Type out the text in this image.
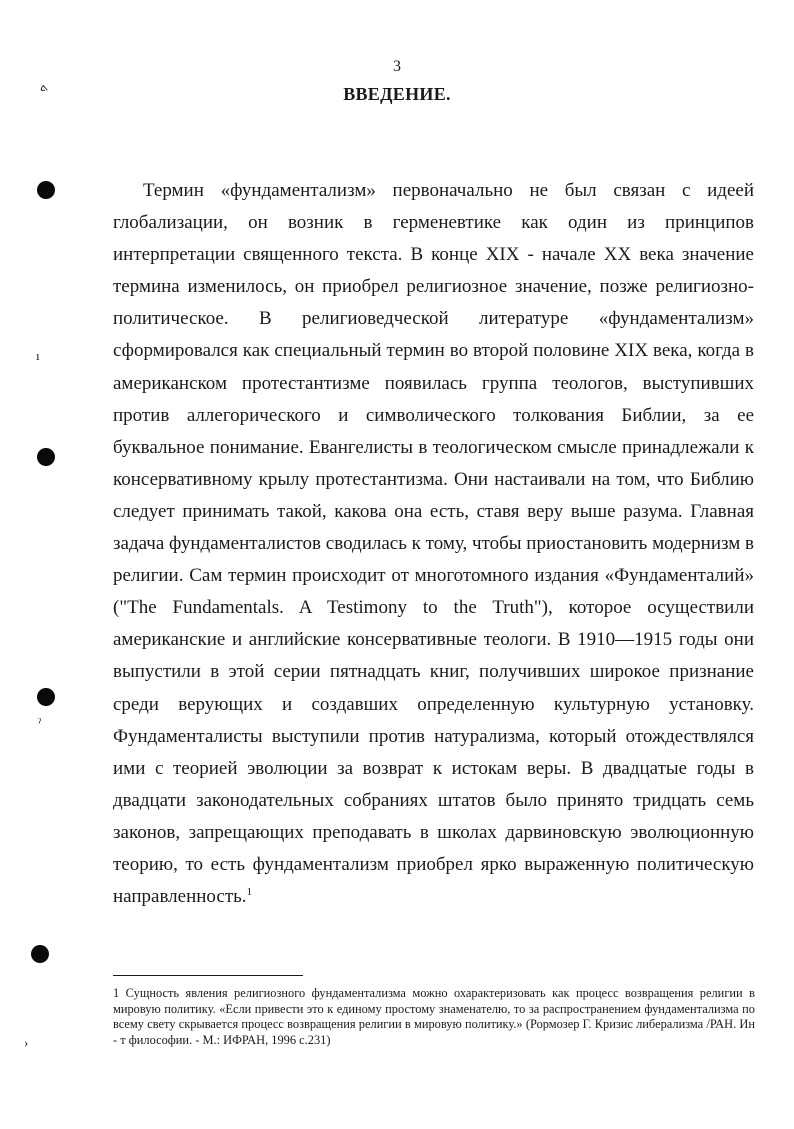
ܬ
ı
ˀ
›
3
ВВЕДЕНИЕ.

Термин «фундаментализм» первоначально не был связан с идеей глобализации, он возник в герменевтике как один из принципов интерпретации священного текста. В конце XIX - начале XX века значение термина изменилось, он приобрел религиозное значение, позже религиозно-политическое. В религиоведческой литературе «фундаментализм» сформировался как специальный термин во второй половине XIX века, когда в американском протестантизме появилась группа теологов, выступивших против аллегорического и символического толкования Библии, за ее буквальное понимание. Евангелисты в теологическом смысле принадлежали к консервативному крылу протестантизма. Они настаивали на том, что Библию следует принимать такой, какова она есть, ставя веру выше разума. Главная задача фундаменталистов сводилась к тому, чтобы приостановить модернизм в религии. Сам термин происходит от многотомного издания «Фундаменталий» ("The Fundamentals. A Testimony to the Truth"), которое осуществили американские и английские консервативные теологи. В 1910—1915 годы они выпустили в этой серии пятнадцать книг, получивших широкое признание среди верующих и создавших определенную культурную установку. Фундаменталисты выступили против натурализма, который отождествлялся ими с теорией эволюции за возврат к истокам веры. В двадцатые годы в двадцати законодательных собраниях штатов было принято тридцать семь законов, запрещающих преподавать в школах дарвиновскую эволюционную теорию, то есть фундаментализм приобрел ярко выраженную политическую направленность.$^1$

1 Сущность явления религиозного фундаментализма можно охарактеризовать как процесс возвращения религии в мировую политику. «Если привести это к единому простому знаменателю, то за распространением фундаментализма по всему свету скрывается процесс возвращения религии в мировую политику.» (Рормозер Г. Кризис либерализма /РАН. Ин - т философии. - М.: ИФРАН, 1996 с.231)
